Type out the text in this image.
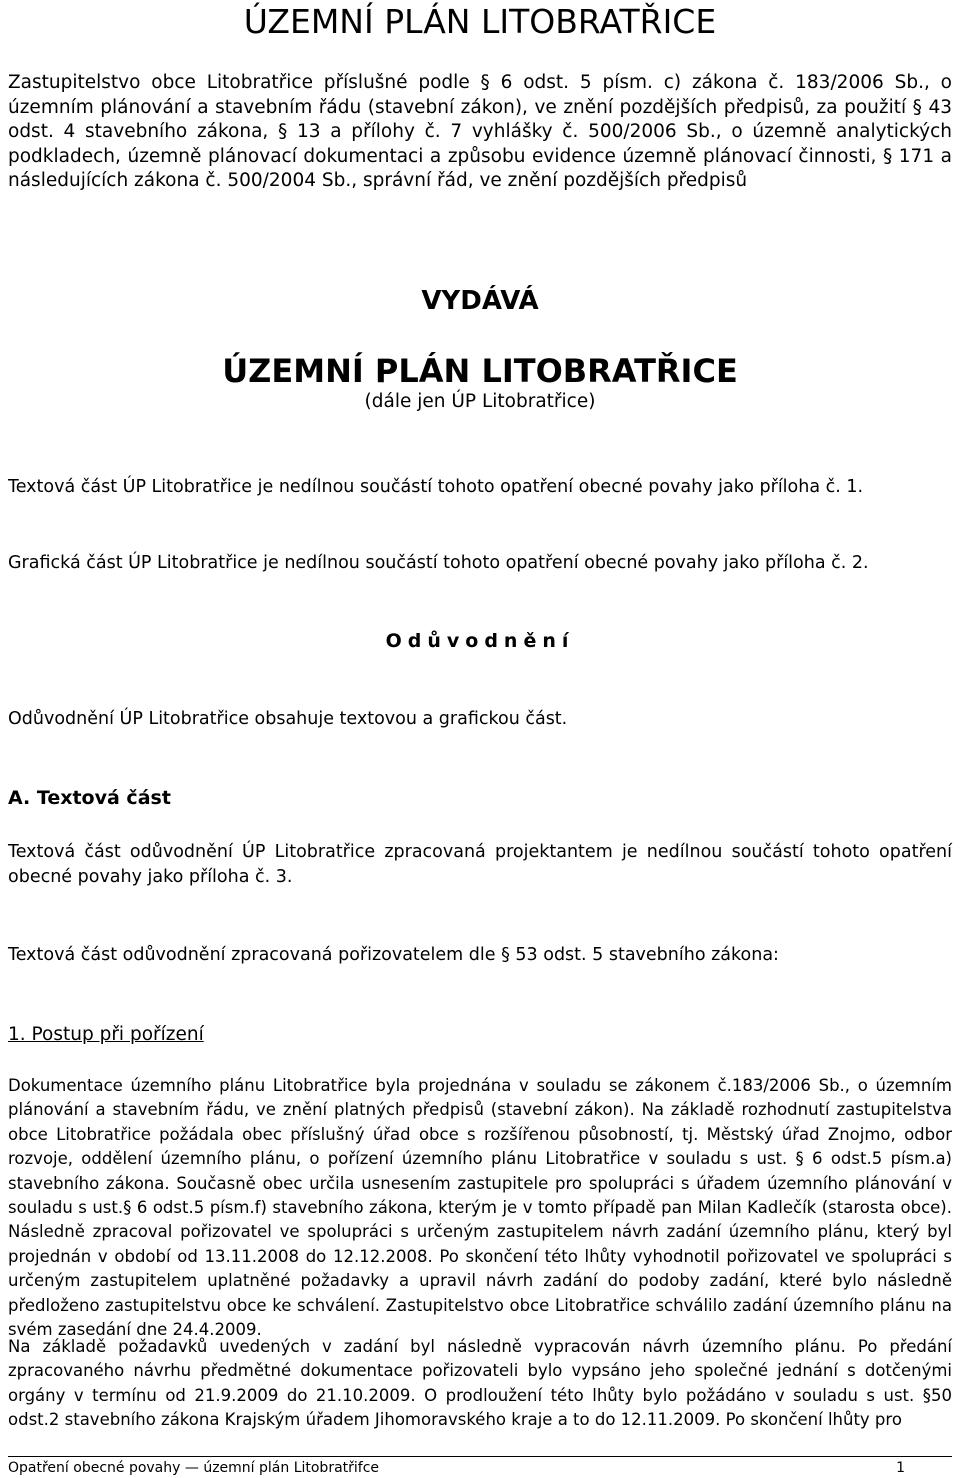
ÚZEMNÍ PLÁN LITOBRATŘICE
Zastupitelstvo obce Litobratřice příslušné podle § 6 odst. 5 písm. c) zákona č. 183/2006 Sb., o územním plánování a stavebním řádu (stavební zákon), ve znění pozdějších předpisů, za použití § 43 odst. 4 stavebního zákona, § 13 a přílohy č. 7 vyhlášky č. 500/2006 Sb., o územně analytických podkladech, územně plánovací dokumentaci a způsobu evidence územně plánovací činnosti, § 171 a následujících zákona č. 500/2004 Sb., správní řád, ve znění pozdějších předpisů
VYDÁVÁ
ÚZEMNÍ PLÁN LITOBRATŘICE
(dále jen ÚP Litobratřice)
Textová část ÚP Litobratřice je nedílnou součástí tohoto opatření obecné povahy jako příloha č. 1.
Grafická část ÚP Litobratřice je nedílnou součástí tohoto opatření obecné povahy jako příloha č. 2.
Odůvodnění
Odůvodnění ÚP Litobratřice obsahuje textovou a grafickou část.
A. Textová část
Textová část odůvodnění ÚP Litobratřice zpracovaná projektantem je nedílnou součástí tohoto opatření obecné povahy jako příloha č. 3.
Textová část odůvodnění zpracovaná pořizovatelem dle § 53 odst. 5 stavebního zákona:
1. Postup při pořízení
Dokumentace územního plánu Litobratřice byla projednána v souladu se zákonem č.183/2006 Sb., o územním plánování a stavebním řádu, ve znění platných předpisů (stavební zákon). Na základě rozhodnutí zastupitelstva obce Litobratřice požádala obec příslušný úřad obce s rozšířenou působností, tj. Městský úřad Znojmo, odbor rozvoje, oddělení územního plánu, o pořízení územního plánu Litobratřice v souladu s ust. § 6 odst.5 písm.a) stavebního zákona. Současně obec určila usnesením zastupitele pro spolupráci s úřadem územního plánování v souladu s ust.§ 6 odst.5 písm.f) stavebního zákona, kterým je v tomto případě pan Milan Kadlečík (starosta obce). Následně zpracoval pořizovatel ve spolupráci s určeným zastupitelem návrh zadání územního plánu, který byl projednán v období od 13.11.2008 do 12.12.2008. Po skončení této lhůty vyhodnotil pořizovatel ve spolupráci s určeným zastupitelem uplatněné požadavky a upravil návrh zadání do podoby zadání, které bylo následně předloženo zastupitelstvu obce ke schválení. Zastupitelstvo obce Litobratřice schválilo zadání územního plánu na svém zasedání dne 24.4.2009.
Na základě požadavků uvedených v zadání byl následně vypracován návrh územního plánu. Po předání zpracovaného návrhu předmětné dokumentace pořizovateli bylo vypsáno jeho společné jednání s dotčenými orgány v termínu od 21.9.2009 do 21.10.2009. O prodloužení této lhůty bylo požádáno v souladu s ust. §50 odst.2 stavebního zákona Krajským úřadem Jihomoravského kraje a to do 12.11.2009. Po skončení lhůty pro
Opatření obecné povahy — územní plán Litobratřifce	1
